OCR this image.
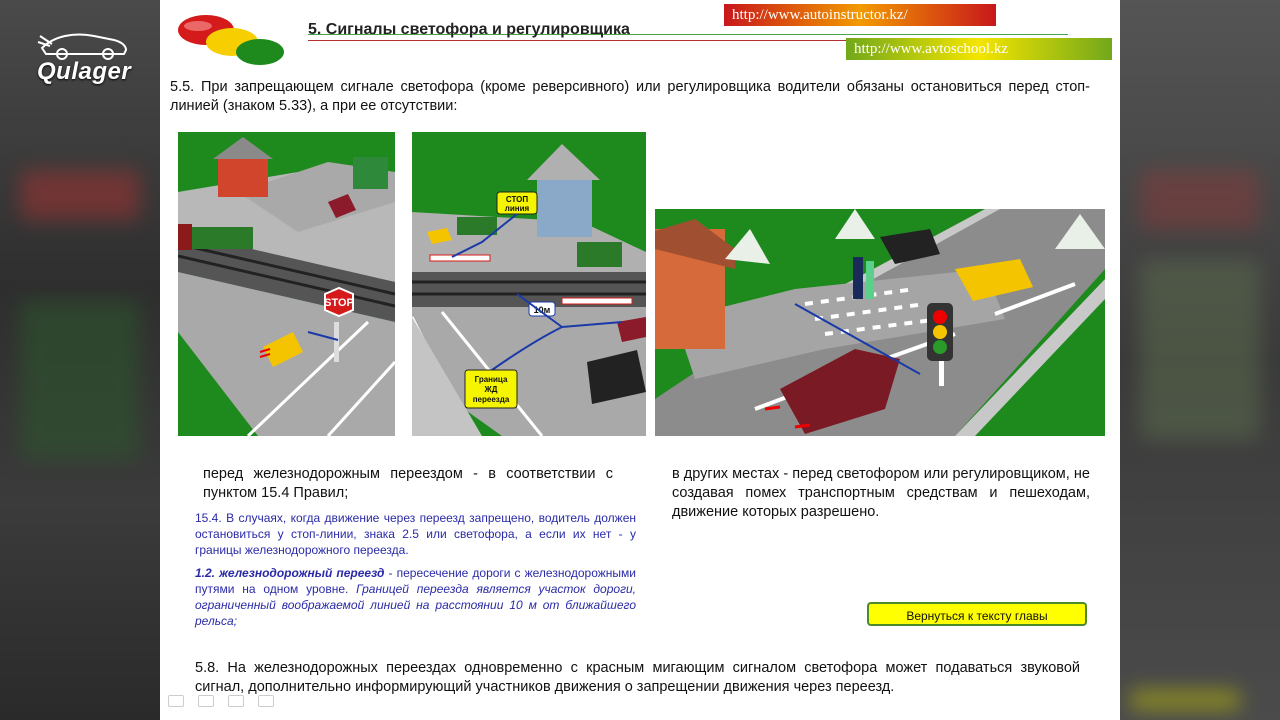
Qulager
5. Сигналы светофора и регулировщика
http://www.autoinstructor.kz/
http://www.avtoschool.kz
5.5. При запрещающем сигнале светофора (кроме реверсивного) или регулировщика водители обязаны остановиться перед стоп-линией (знаком 5.33), а при ее отсутствии:
STOP
СТОП
линия
10м
Граница
ЖД
переезда
перед железнодорожным переездом - в соответствии с пунктом 15.4 Правил;
15.4. В случаях, когда движение через переезд запрещено, водитель должен остановиться у стоп-линии, знака 2.5 или светофора, а если их нет - у границы железнодорожного переезда.
1.2. железнодорожный переезд - пересечение дороги с железнодорожными путями на одном уровне. Границей переезда является участок дороги, ограниченный воображаемой линией на расстоянии 10 м от ближайшего рельса;
в других местах - перед светофором или регулировщиком, не создавая помех транспортным средствам и пешеходам, движение которых разрешено.
Вернуться к тексту главы
5.8. На железнодорожных переездах одновременно с красным мигающим сигналом светофора может подаваться звуковой сигнал, дополнительно информирующий участников движения о запрещении движения через переезд.
